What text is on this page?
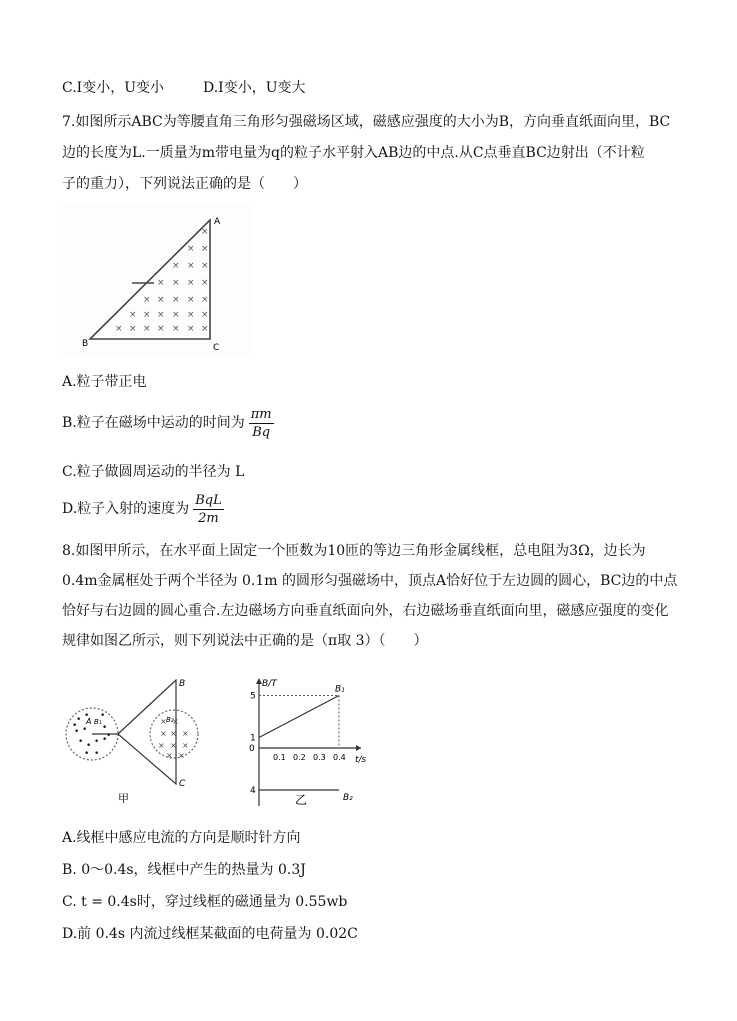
C.I变小，U变小	D.I变小，U变大
7.如图所示ABC为等腰直角三角形匀强磁场区域，磁感应强度的大小为B，方向垂直纸面向里，BC
边的长度为L.一质量为m带电量为q的粒子水平射入AB边的中点.从C点垂直BC边射出（不计粒
子的重力），下列说法正确的是（　　）
A
B	C
×
× ×
× × ×
× × × ×
× × × × ×
× × × × × ×
× × × × × × ×
A.粒子带正电
B.粒子在磁场中运动的时间为 $\frac{\pi m}{Bq}$
C.粒子做圆周运动的半径为 L
D.粒子入射的速度为 $\frac{\text{BqL}}{2m}$
8.如图甲所示，在水平面上固定一个匝数为10匝的等边三角形金属线框，总电阻为3Ω，边长为
0.4m金属框处于两个半径为 0.1m 的圆形匀强磁场中，顶点A恰好位于左边圆的圆心，BC边的中点
恰好与右边圆的圆心重合.左边磁场方向垂直纸面向外，右边磁场垂直纸面向里，磁感应强度的变化
规律如图乙所示，则下列说法中正确的是（π取 3）（　　）
B
C
A B₁	B₂
甲
• • •
• • •
• • • •
• •
•
•
× ×
× × ×
× × ×
× ×
B/T
t/s
B₁
B₂
0.1 0.2 0.3 0.4
5
1
0
4
乙
A.线框中感应电流的方向是顺时针方向
B. 0～0.4s，线框中产生的热量为 0.3J
C. t = 0.4s时，穿过线框的磁通量为 0.55wb
D.前 0.4s 内流过线框某截面的电荷量为 0.02C
